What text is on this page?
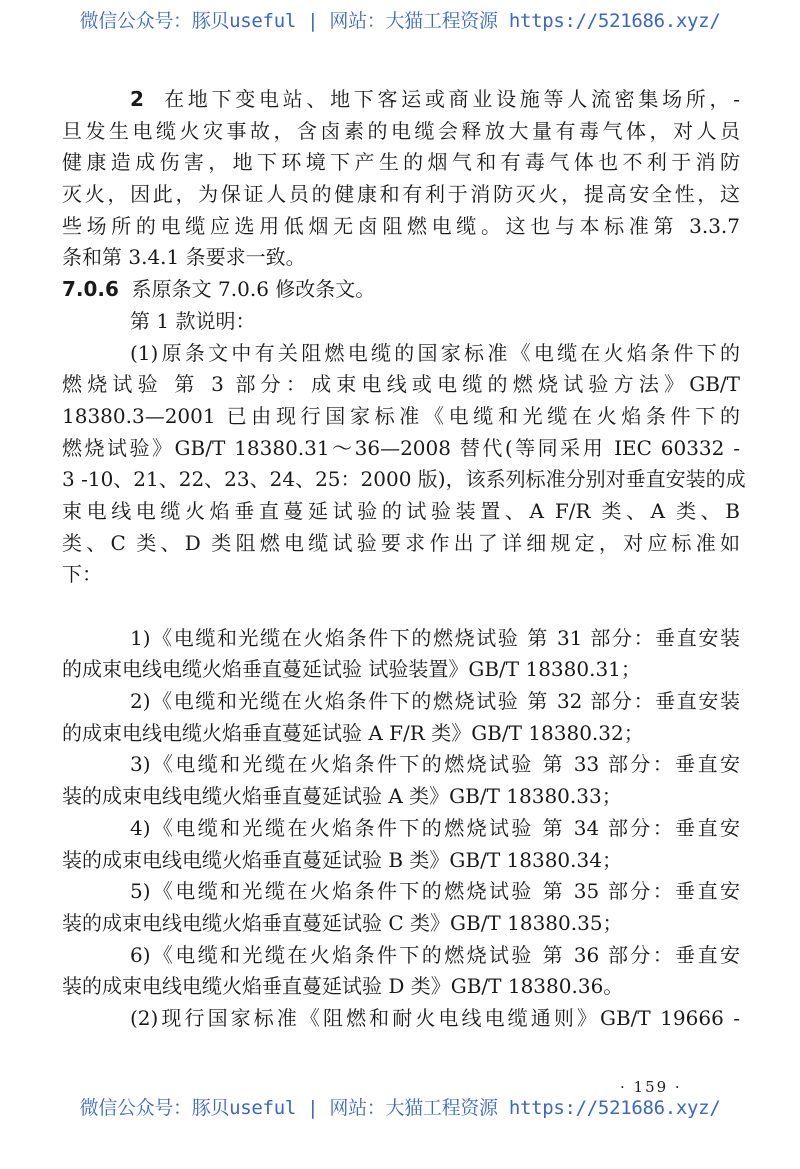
微信公众号：豚贝useful | 网站：大猫工程资源 https://521686.xyz/
2 在地下变电站、地下客运或商业设施等人流密集场所，-
旦发生电缆火灾事故，含卤素的电缆会释放大量有毒气体，对人员
健康造成伤害，地下环境下产生的烟气和有毒气体也不利于消防
灭火，因此，为保证人员的健康和有利于消防灭火，提高安全性，这
些场所的电缆应选用低烟无卤阻燃电缆。这也与本标准第 3.3.7
条和第 3.4.1 条要求一致。
7.0.6 系原条文 7.0.6 修改条文。
第 1 款说明：
(1)原条文中有关阻燃电缆的国家标准《电缆在火焰条件下的
燃烧试验 第 3 部分：成束电线或电缆的燃烧试验方法》GB/T
18380.3—2001 已由现行国家标准《电缆和光缆在火焰条件下的
燃烧试验》GB/T 18380.31～36—2008 替代(等同采用 IEC 60332 -
3 -10、21、22、23、24、25：2000 版)，该系列标准分别对垂直安装的成
束电线电缆火焰垂直蔓延试验的试验装置、A F/R 类、A 类、B
类、C 类、D 类阻燃电缆试验要求作出了详细规定，对应标准如
下：
1)《电缆和光缆在火焰条件下的燃烧试验 第 31 部分：垂直安装
的成束电线电缆火焰垂直蔓延试验 试验装置》GB/T 18380.31；
2)《电缆和光缆在火焰条件下的燃烧试验 第 32 部分：垂直安装
的成束电线电缆火焰垂直蔓延试验 A F/R 类》GB/T 18380.32；
3)《电缆和光缆在火焰条件下的燃烧试验 第 33 部分：垂直安
装的成束电线电缆火焰垂直蔓延试验 A 类》GB/T 18380.33；
4)《电缆和光缆在火焰条件下的燃烧试验 第 34 部分：垂直安
装的成束电线电缆火焰垂直蔓延试验 B 类》GB/T 18380.34；
5)《电缆和光缆在火焰条件下的燃烧试验 第 35 部分：垂直安
装的成束电线电缆火焰垂直蔓延试验 C 类》GB/T 18380.35；
6)《电缆和光缆在火焰条件下的燃烧试验 第 36 部分：垂直安
装的成束电线电缆火焰垂直蔓延试验 D 类》GB/T 18380.36。
(2)现行国家标准《阻燃和耐火电线电缆通则》GB/T 19666 -
· 159 ·
微信公众号：豚贝useful | 网站：大猫工程资源 https://521686.xyz/
